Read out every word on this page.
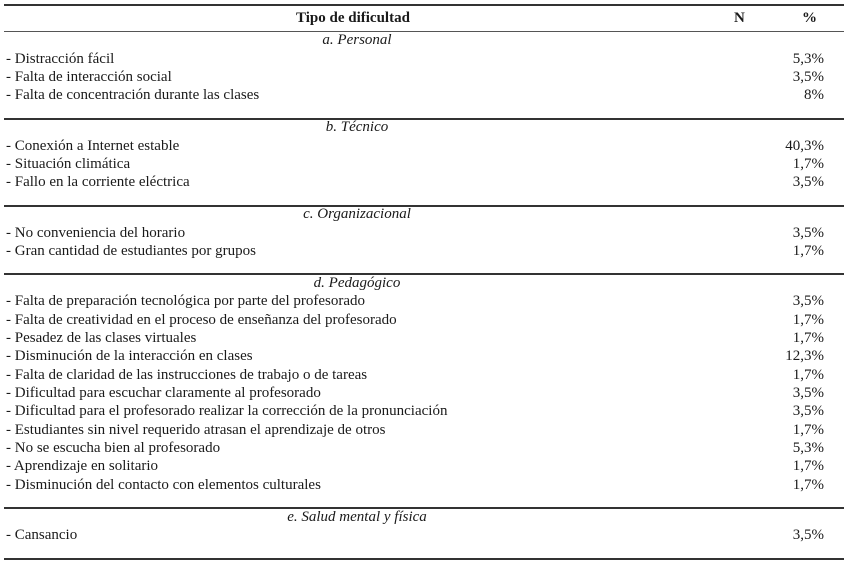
Tipo de dificultad	N	%
a. Personal
- Distracción fácil	5,3%
- Falta de interacción social	3,5%
- Falta de concentración durante las clases	8%
b. Técnico
- Conexión a Internet estable	40,3%
- Situación climática	1,7%
- Fallo en la corriente eléctrica	3,5%
c. Organizacional
- No conveniencia del horario	3,5%
- Gran cantidad de estudiantes por grupos	1,7%
d. Pedagógico
- Falta de preparación tecnológica por parte del profesorado	3,5%
- Falta de creatividad en el proceso de enseñanza del profesorado	1,7%
- Pesadez de las clases virtuales	1,7%
- Disminución de la interacción en clases	12,3%
- Falta de claridad de las instrucciones de trabajo o de tareas	1,7%
- Dificultad para escuchar claramente al profesorado	3,5%
- Dificultad para el profesorado realizar la corrección de la pronunciación	3,5%
- Estudiantes sin nivel requerido atrasan el aprendizaje de otros	1,7%
- No se escucha bien al profesorado	5,3%
- Aprendizaje en solitario	1,7%
- Disminución del contacto con elementos culturales	1,7%
e. Salud mental y física
- Cansancio	3,5%
